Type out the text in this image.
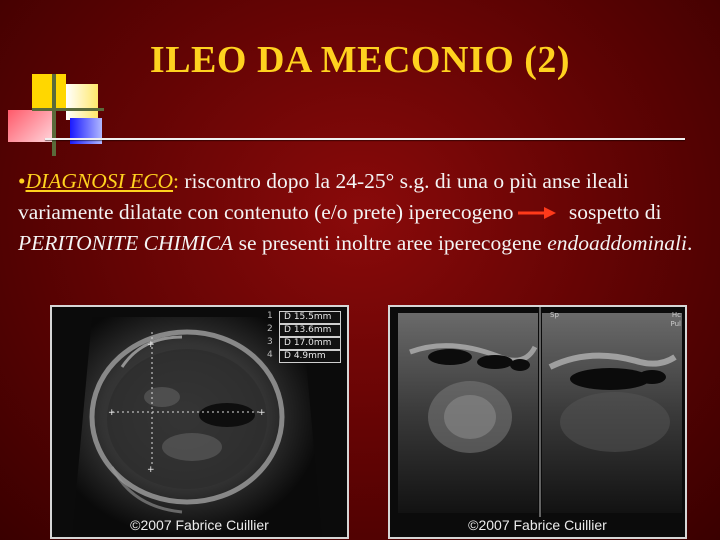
ILEO DA MECONIO (2)
•DIAGNOSI ECO: riscontro dopo la 24-25° s.g. di una o più anse ileali variamente dilatate con contenuto (e/o prete) iperecogeno sospetto di PERITONITE CHIMICA se presenti inoltre aree iperecogene endoaddominali.
+
+
+
+
1	D 15.5mm
2	D 13.6mm
3	D 17.0mm
4	D 4.9mm
©2007 Fabrice Cuillier
Sp	Hc
Pul
©2007 Fabrice Cuillier
